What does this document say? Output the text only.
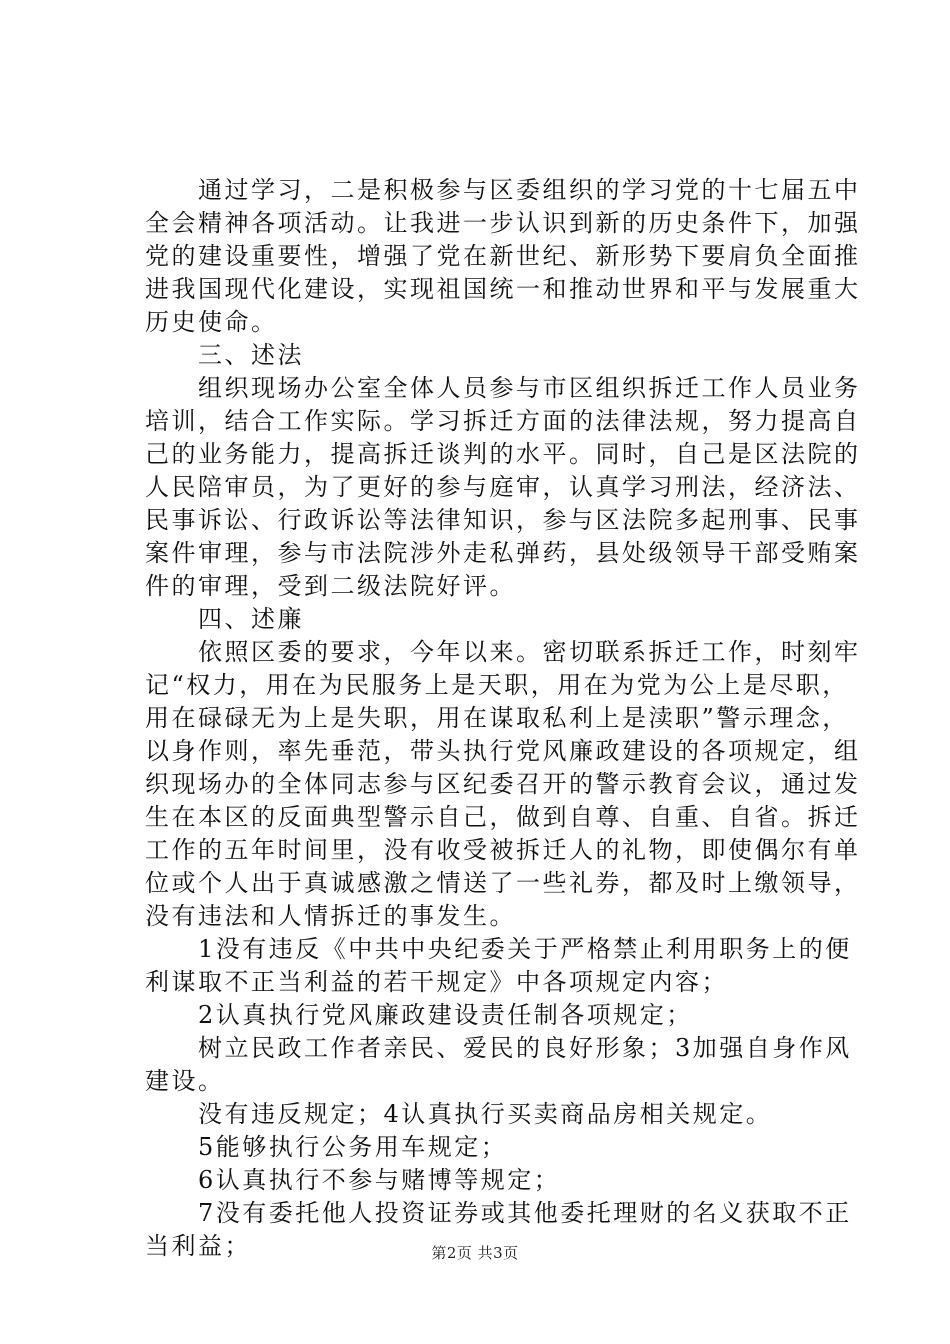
　　通过学习，二是积极参与区委组织的学习党的十七届五中
全会精神各项活动。让我进一步认识到新的历史条件下，加强
党的建设重要性，增强了党在新世纪、新形势下要肩负全面推
进我国现代化建设，实现祖国统一和推动世界和平与发展重大
历史使命。
　　三、述法
　　组织现场办公室全体人员参与市区组织拆迁工作人员业务
培训，结合工作实际。学习拆迁方面的法律法规，努力提高自
己的业务能力，提高拆迁谈判的水平。同时，自己是区法院的
人民陪审员，为了更好的参与庭审，认真学习刑法，经济法、
民事诉讼、行政诉讼等法律知识，参与区法院多起刑事、民事
案件审理，参与市法院涉外走私弹药，县处级领导干部受贿案
件的审理，受到二级法院好评。
　　四、述廉
　　依照区委的要求，今年以来。密切联系拆迁工作，时刻牢
记“权力，用在为民服务上是天职，用在为党为公上是尽职，
用在碌碌无为上是失职，用在谋取私利上是渎职”警示理念，
以身作则，率先垂范，带头执行党风廉政建设的各项规定，组
织现场办的全体同志参与区纪委召开的警示教育会议，通过发
生在本区的反面典型警示自己，做到自尊、自重、自省。拆迁
工作的五年时间里，没有收受被拆迁人的礼物，即使偶尔有单
位或个人出于真诚感激之情送了一些礼券，都及时上缴领导，
没有违法和人情拆迁的事发生。
　　1没有违反《中共中央纪委关于严格禁止利用职务上的便
利谋取不正当利益的若干规定》中各项规定内容；
　　2认真执行党风廉政建设责任制各项规定；
　　树立民政工作者亲民、爱民的良好形象；3加强自身作风
建设。
　　没有违反规定；4认真执行买卖商品房相关规定。
　　5能够执行公务用车规定；
　　6认真执行不参与赌博等规定；
　　7没有委托他人投资证券或其他委托理财的名义获取不正
当利益；	第2页 共3页
